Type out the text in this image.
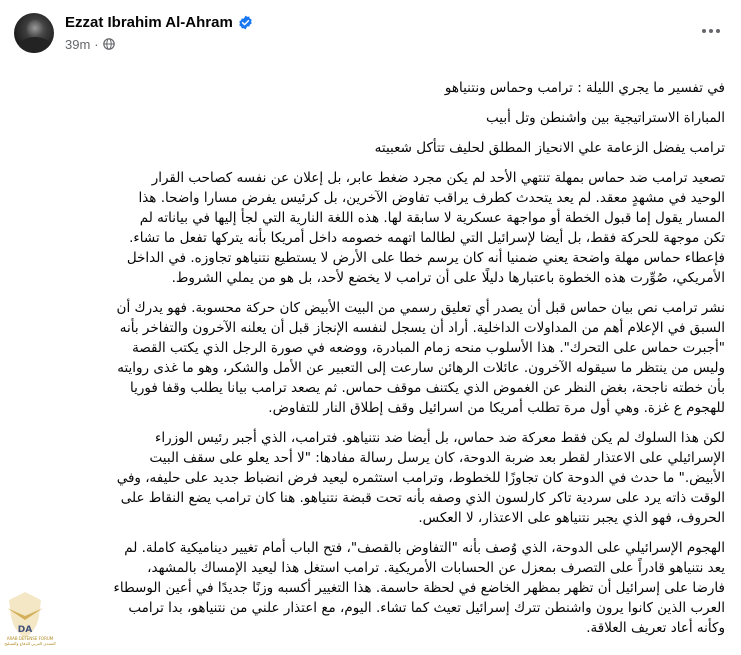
Ezzat Ibrahim Al-Ahram
39m ·
في تفسير ما يجري الليلة : ترامب وحماس ونتنياهو
المباراة الاستراتيجية بين واشنطن وتل أبيب
ترامب يفضل الزعامة علي الانحياز المطلق لحليف تتأكل شعبيته
تصعيد ترامب ضد حماس بمهلة تنتهي الأحد لم يكن مجرد ضغط عابر، بل إعلان عن نفسه كصاحب القرار
الوحيد في مشهدٍ معقد. لم يعد يتحدث كطرف يراقب تفاوض الآخرين، بل كرئيس يفرض مسارا واضحا. هذا
المسار يقول إما قبول الخطة أو مواجهة عسكرية لا سابقة لها. هذه اللغة النارية التي لجأ إليها في بياناته لم
تكن موجهة للحركة فقط، بل أيضا لإسرائيل التي لطالما اتهمه خصومه داخل أمريكا بأنه يتركها تفعل ما تشاء.
فإعطاء حماس مهلة واضحة يعني ضمنيا أنه كان يرسم خطا على الأرض لا يستطيع نتنياهو تجاوزه. في الداخل
الأمريكي، صُوِّرت هذه الخطوة باعتبارها دليلًا على أن ترامب لا يخضع لأحد، بل هو من يملي الشروط.
نشر ترامب نص بيان حماس قبل أن يصدر أي تعليق رسمي من البيت الأبيض كان حركة محسوبة. فهو يدرك أن
السبق في الإعلام أهم من المداولات الداخلية. أراد أن يسجل لنفسه الإنجاز قبل أن يعلنه الآخرون والتفاخر بأنه
"أجبرت حماس على التحرك". هذا الأسلوب منحه زمام المبادرة، ووضعه في صورة الرجل الذي يكتب القصة
وليس من ينتظر ما سيقوله الآخرون. عائلات الرهائن سارعت إلى التعبير عن الأمل والشكر، وهو ما غذى روايته
بأن خطته ناجحة، بغض النظر عن الغموض الذي يكتنف موقف حماس. ثم يصعد ترامب بيانا يطلب وقفا فوريا
للهجوم ع غزة. وهي أول مرة تطلب أمريكا من اسرائيل وقف إطلاق النار للتفاوض.
لكن هذا السلوك لم يكن فقط معركة ضد حماس، بل أيضا ضد نتنياهو. فترامب، الذي أجبر رئيس الوزراء
الإسرائيلي على الاعتذار لقطر بعد ضربة الدوحة، كان يرسل رسالة مفادها: "لا أحد يعلو على سقف البيت
الأبيض." ما حدث في الدوحة كان تجاوزًا للخطوط، وترامب استثمره ليعيد فرض انضباط جديد على حليفه، وفي
الوقت ذاته يرد على سردية تاكر كارلسون الذي وصفه بأنه تحت قبضة نتنياهو. هنا كان ترامب يضع النقاط على
الحروف، فهو الذي يجبر نتنياهو على الاعتذار، لا العكس.
الهجوم الإسرائيلي على الدوحة، الذي وُصف بأنه "التفاوض بالقصف"، فتح الباب أمام تغيير ديناميكية كاملة. لم
يعد نتنياهو قادراً على التصرف بمعزل عن الحسابات الأمريكية. ترامب استغل هذا ليعيد الإمساك بالمشهد،
فارضا على إسرائيل أن تظهر بمظهر الخاضع في لحظة حاسمة. هذا التغيير أكسبه وزنًا جديدًا في أعين الوسطاء
العرب الذين كانوا يرون واشنطن تترك إسرائيل تعيث كما تشاء. اليوم، مع اعتذار علني من نتنياهو، بدا ترامب
وكأنه أعاد تعريف العلاقة.
DA
ARAB DEFENSE FORUM المنتدى العربي للدفاع والتسليح
